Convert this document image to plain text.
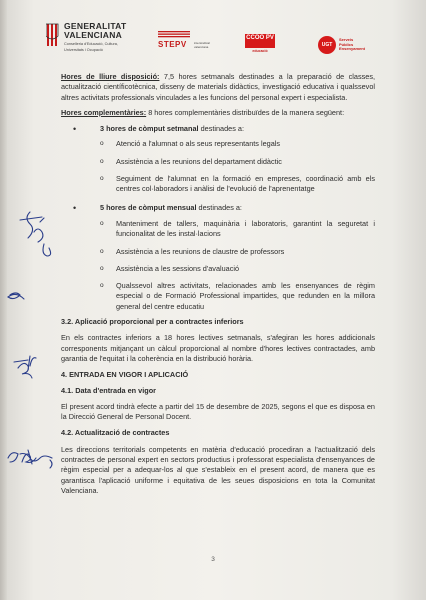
GENERALITAT
VALENCIANA
Conselleria d'Educació, Cultura,
Universitats i Ocupació
STEPV intersindical valenciana
CCOO PV
educació
UGT
Serveis Públics Ensenyament

Hores de lliure disposició: 7,5 hores setmanals destinades a la preparació de classes, actualització científicotècnica, disseny de materials didàctics, investigació educativa i qualssevol altres activitats professionals vinculades a les funcions del personal expert i especialista.

Hores complementàries: 8 hores complementàries distribuïdes de la manera següent:

• 3 hores de còmput setmanal destinades a:
o Atenció a l'alumnat o als seus representants legals
o Assistència a les reunions del departament didàctic
o Seguiment de l'alumnat en la formació en empreses, coordinació amb els centres col·laboradors i anàlisi de l'evolució de l'aprenentatge
• 5 hores de còmput mensual destinades a:
o Manteniment de tallers, maquinària i laboratoris, garantint la seguretat i funcionalitat de les instal·lacions
o Assistència a les reunions de claustre de professors
o Assistència a les sessions d'avaluació
o Qualssevol altres activitats, relacionades amb les ensenyances de règim especial o de Formació Professional impartides, que redunden en la millora general del centre educatiu

3.2. Aplicació proporcional per a contractes inferiors

En els contractes inferiors a 18 hores lectives setmanals, s'afegiran les hores addicionals corresponents mitjançant un càlcul proporcional al nombre d'hores lectives contractades, amb garantia de l'equitat i la coherència en la distribució horària.

4. ENTRADA EN VIGOR I APLICACIÓ

4.1. Data d'entrada en vigor

El present acord tindrà efecte a partir del 15 de desembre de 2025, segons el que es disposa en la Direcció General de Personal Docent.

4.2. Actualització de contractes

Les direccions territorials competents en matèria d'educació procediran a l'actualització dels contractes de personal expert en sectors productius i professorat especialista d'ensenyances de règim especial per a adequar-los al que s'estableix en el present acord, de manera que es garantisca l'aplicació uniforme i equitativa de les seues disposicions en tota la Comunitat Valenciana.

3
